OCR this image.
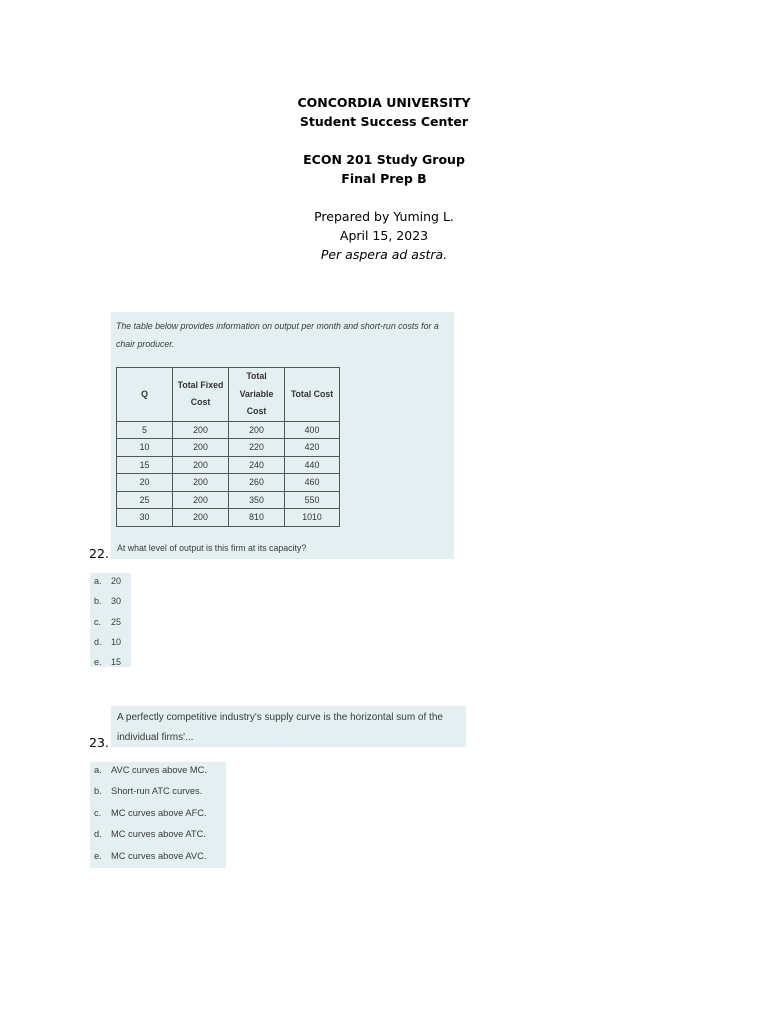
CONCORDIA UNIVERSITY
Student Success Center
ECON 201 Study Group
Final Prep B
Prepared by Yuming L.
April 15, 2023
Per aspera ad astra.
The table below provides information on output per month and short-run costs for a chair producer.
Q	Total Fixed Cost	Total Variable Cost	Total Cost
5	200	200	400
10	200	220	420
15	200	240	440
20	200	260	460
25	200	350	550
30	200	810	1010
At what level of output is this firm at its capacity?
22.
a. 20
b. 30
c. 25
d. 10
e. 15
A perfectly competitive industry's supply curve is the horizontal sum of the individual firms'...
23.
a. AVC curves above MC.
b. Short-run ATC curves.
c. MC curves above AFC.
d. MC curves above ATC.
e. MC curves above AVC.
